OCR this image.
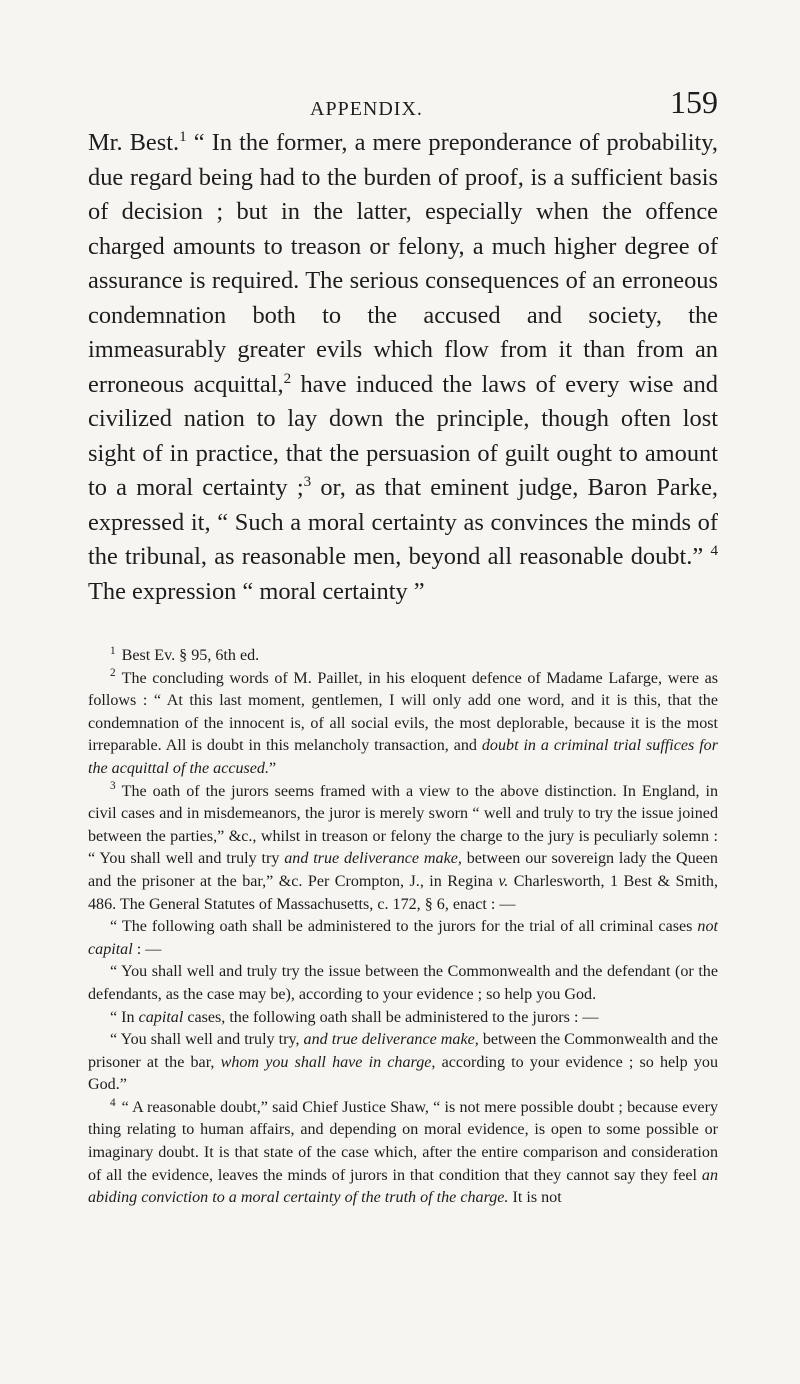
APPENDIX.	159

Mr. Best.$^1$ “ In the former, a mere preponderance of probability, due regard being had to the burden of proof, is a sufficient basis of decision ; but in the latter, especially when the offence charged amounts to treason or felony, a much higher degree of assurance is required. The serious consequences of an erroneous condemnation both to the accused and society, the immeasurably greater evils which flow from it than from an erroneous acquittal,$^2$ have induced the laws of every wise and civilized nation to lay down the principle, though often lost sight of in practice, that the persuasion of guilt ought to amount to a moral certainty ;$^3$ or, as that eminent judge, Baron Parke, expressed it, “ Such a moral certainty as convinces the minds of the tribunal, as reasonable men, beyond all reasonable doubt.” $^4$ The expression “ moral certainty ”

$^1$ Best Ev. § 95, 6th ed.

$^2$ The concluding words of M. Paillet, in his eloquent defence of Madame Lafarge, were as follows : “ At this last moment, gentlemen, I will only add one word, and it is this, that the condemnation of the innocent is, of all social evils, the most deplorable, because it is the most irreparable. All is doubt in this melancholy transaction, and doubt in a criminal trial suffices for the acquittal of the accused.”

$^3$ The oath of the jurors seems framed with a view to the above distinction. In England, in civil cases and in misdemeanors, the juror is merely sworn “ well and truly to try the issue joined between the parties,” &c., whilst in treason or felony the charge to the jury is peculiarly solemn : “ You shall well and truly try and true deliverance make, between our sovereign lady the Queen and the prisoner at the bar,” &c. Per Crompton, J., in Regina v. Charlesworth, 1 Best & Smith, 486. The General Statutes of Massachusetts, c. 172, § 6, enact : —

“ The following oath shall be administered to the jurors for the trial of all criminal cases not capital : —

“ You shall well and truly try the issue between the Commonwealth and the defendant (or the defendants, as the case may be), according to your evidence ; so help you God.

“ In capital cases, the following oath shall be administered to the jurors : —

“ You shall well and truly try, and true deliverance make, between the Commonwealth and the prisoner at the bar, whom you shall have in charge, according to your evidence ; so help you God.”

$^4$ “ A reasonable doubt,” said Chief Justice Shaw, “ is not mere possible doubt ; because every thing relating to human affairs, and depending on moral evidence, is open to some possible or imaginary doubt. It is that state of the case which, after the entire comparison and consideration of all the evidence, leaves the minds of jurors in that condition that they cannot say they feel an abiding conviction to a moral certainty of the truth of the charge. It is not
